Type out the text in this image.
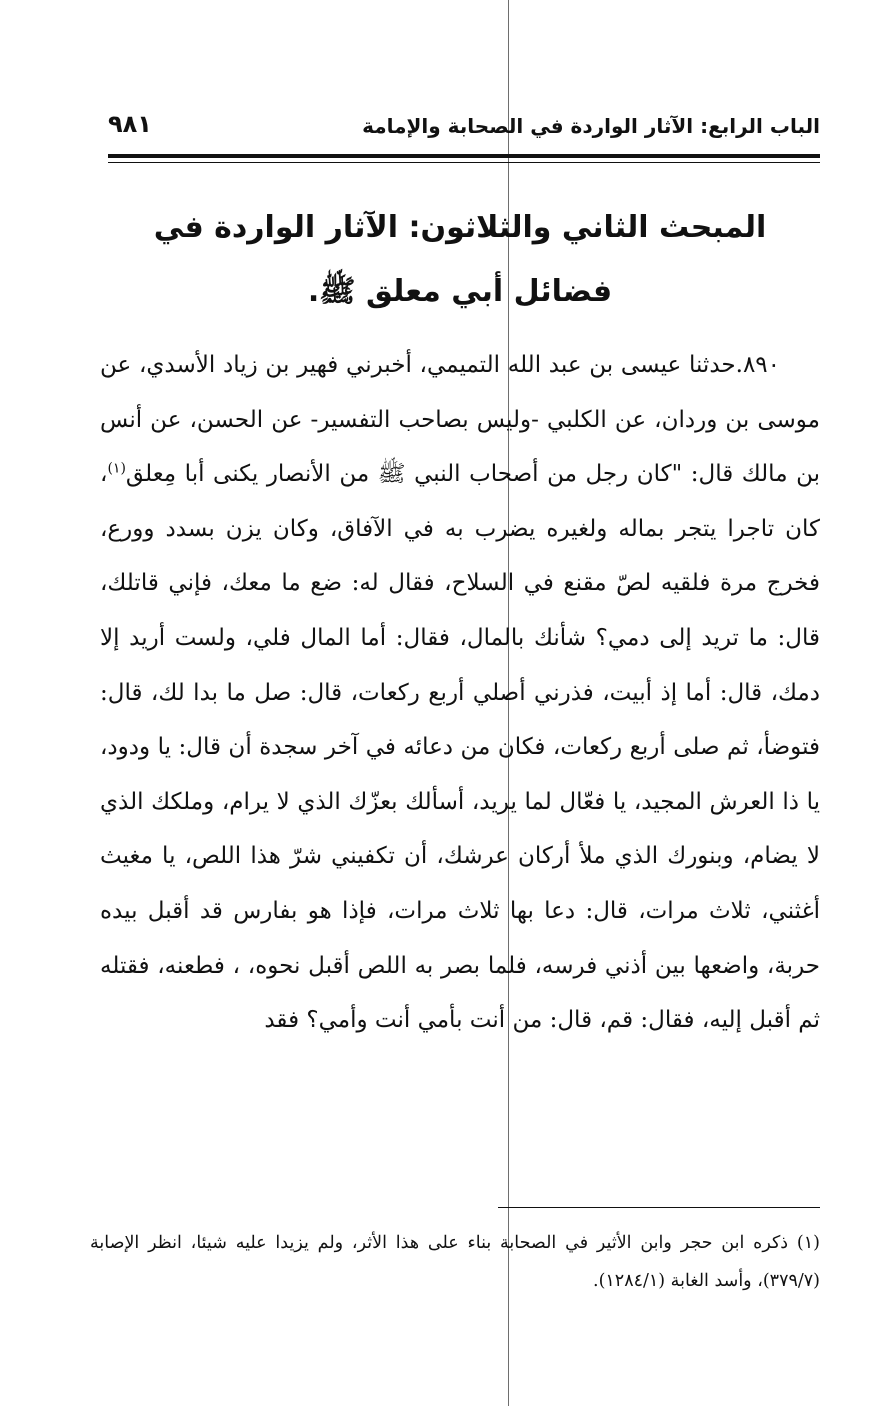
الباب الرابع: الآثار الواردة في الصحابة والإمامة
٩٨١
المبحث الثاني والثلاثون: الآثار الواردة في فضائل أبي معلق ﷺ.

٨٩٠.حدثنا عيسى بن عبد الله التميمي، أخبرني فهير بن زياد الأسدي، عن موسى بن وردان، عن الكلبي -وليس بصاحب التفسير- عن الحسن، عن أنس بن مالك قال: "كان رجل من أصحاب النبي ﷺ من الأنصار يكنى أبا مِعلق$^{(١)}$، كان تاجرا يتجر بماله ولغيره يضرب به في الآفاق، وكان يزن بسدد وورع، فخرج مرة فلقيه لصّ مقنع في السلاح، فقال له: ضع ما معك، فإني قاتلك، قال: ما تريد إلى دمي؟ شأنك بالمال، فقال: أما المال فلي، ولست أريد إلا دمك، قال: أما إذ أبيت، فذرني أصلي أربع ركعات، قال: صل ما بدا لك، قال: فتوضأ، ثم صلى أربع ركعات، فكان من دعائه في آخر سجدة أن قال: يا ودود، يا ذا العرش المجيد، يا فعّال لما يريد، أسألك بعزّك الذي لا يرام، وملكك الذي لا يضام، وبنورك الذي ملأ أركان عرشك، أن تكفيني شرّ هذا اللص، يا مغيث أغثني، ثلاث مرات، قال: دعا بها ثلاث مرات، فإذا هو بفارس قد أقبل بيده حربة، واضعها بين أذني فرسه، فلما بصر به اللص أقبل نحوه، ، فطعنه، فقتله ثم أقبل إليه، فقال: قم، قال: من أنت بأمي أنت وأمي؟ فقد

(١) ذكره ابن حجر وابن الأثير في الصحابة بناء على هذا الأثر، ولم يزيدا عليه شيئا، انظر الإصابة (٣٧٩/٧)، وأسد الغابة (١٢٨٤/١).
